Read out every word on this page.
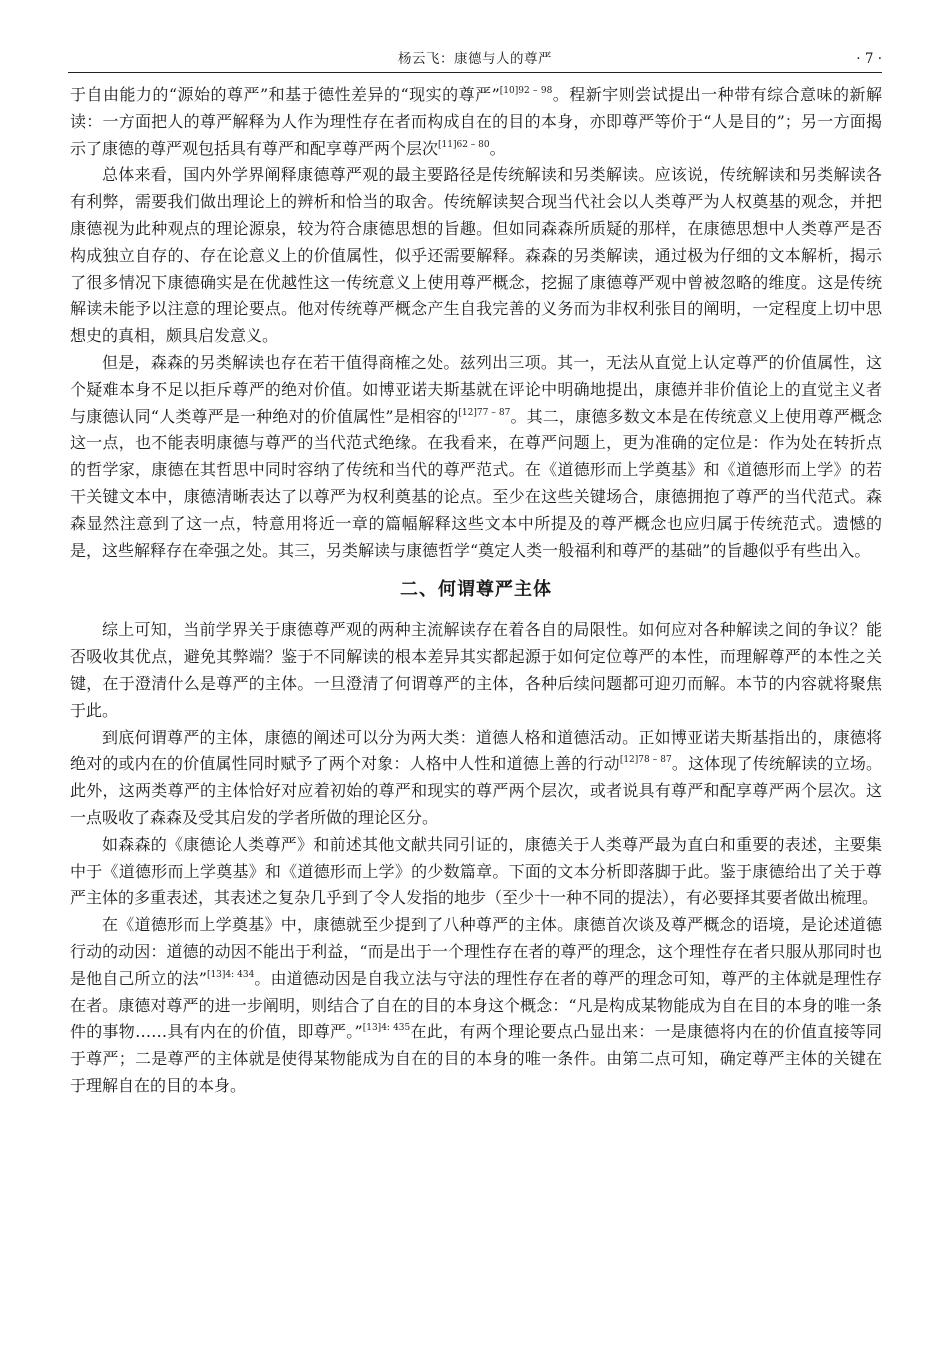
杨云飞：康德与人的尊严	· 7 ·

于自由能力的“源始的尊严”和基于德性差异的“现实的尊严”$^{[10]92 - 98}$。程新宇则尝试提出一种带有综合意味的新解读：一方面把人的尊严解释为人作为理性存在者而构成自在的目的本身，亦即尊严等价于“人是目的”；另一方面揭示了康德的尊严观包括具有尊严和配享尊严两个层次$^{[11]62 - 80}$。

总体来看，国内外学界阐释康德尊严观的最主要路径是传统解读和另类解读。应该说，传统解读和另类解读各有利弊，需要我们做出理论上的辨析和恰当的取舍。传统解读契合现当代社会以人类尊严为人权奠基的观念，并把康德视为此种观点的理论源泉，较为符合康德思想的旨趣。但如同森森所质疑的那样，在康德思想中人类尊严是否构成独立自存的、存在论意义上的价值属性，似乎还需要解释。森森的另类解读，通过极为仔细的文本解析，揭示了很多情况下康德确实是在优越性这一传统意义上使用尊严概念，挖掘了康德尊严观中曾被忽略的维度。这是传统解读未能予以注意的理论要点。他对传统尊严概念产生自我完善的义务而为非权利张目的阐明，一定程度上切中思想史的真相，颇具启发意义。

但是，森森的另类解读也存在若干值得商榷之处。兹列出三项。其一，无法从直觉上认定尊严的价值属性，这个疑难本身不足以拒斥尊严的绝对价值。如博亚诺夫斯基就在评论中明确地提出，康德并非价值论上的直觉主义者与康德认同“人类尊严是一种绝对的价值属性”是相容的$^{[12]77 - 87}$。其二，康德多数文本是在传统意义上使用尊严概念这一点，也不能表明康德与尊严的当代范式绝缘。在我看来，在尊严问题上，更为准确的定位是：作为处在转折点的哲学家，康德在其哲思中同时容纳了传统和当代的尊严范式。在《道德形而上学奠基》和《道德形而上学》的若干关键文本中，康德清晰表达了以尊严为权利奠基的论点。至少在这些关键场合，康德拥抱了尊严的当代范式。森森显然注意到了这一点，特意用将近一章的篇幅解释这些文本中所提及的尊严概念也应归属于传统范式。遗憾的是，这些解释存在牵强之处。其三，另类解读与康德哲学“奠定人类一般福利和尊严的基础”的旨趣似乎有些出入。

二、何谓尊严主体

综上可知，当前学界关于康德尊严观的两种主流解读存在着各自的局限性。如何应对各种解读之间的争议？能否吸收其优点，避免其弊端？鉴于不同解读的根本差异其实都起源于如何定位尊严的本性，而理解尊严的本性之关键，在于澄清什么是尊严的主体。一旦澄清了何谓尊严的主体，各种后续问题都可迎刃而解。本节的内容就将聚焦于此。

到底何谓尊严的主体，康德的阐述可以分为两大类：道德人格和道德活动。正如博亚诺夫斯基指出的，康德将绝对的或内在的价值属性同时赋予了两个对象：人格中人性和道德上善的行动$^{[12]78 - 87}$。这体现了传统解读的立场。此外，这两类尊严的主体恰好对应着初始的尊严和现实的尊严两个层次，或者说具有尊严和配享尊严两个层次。这一点吸收了森森及受其启发的学者所做的理论区分。

如森森的《康德论人类尊严》和前述其他文献共同引证的，康德关于人类尊严最为直白和重要的表述，主要集中于《道德形而上学奠基》和《道德形而上学》的少数篇章。下面的文本分析即落脚于此。鉴于康德给出了关于尊严主体的多重表述，其表述之复杂几乎到了令人发指的地步（至少十一种不同的提法），有必要择其要者做出梳理。

在《道德形而上学奠基》中，康德就至少提到了八种尊严的主体。康德首次谈及尊严概念的语境，是论述道德行动的动因：道德的动因不能出于利益，“而是出于一个理性存在者的尊严的理念，这个理性存在者只服从那同时也是他自己所立的法”$^{[13]4: 434}$。由道德动因是自我立法与守法的理性存在者的尊严的理念可知，尊严的主体就是理性存在者。康德对尊严的进一步阐明，则结合了自在的目的本身这个概念：“凡是构成某物能成为自在目的本身的唯一条件的事物……具有内在的价值，即尊严。”$^{[13]4: 435}$在此，有两个理论要点凸显出来：一是康德将内在的价值直接等同于尊严；二是尊严的主体就是使得某物能成为自在的目的本身的唯一条件。由第二点可知，确定尊严主体的关键在于理解自在的目的本身。
